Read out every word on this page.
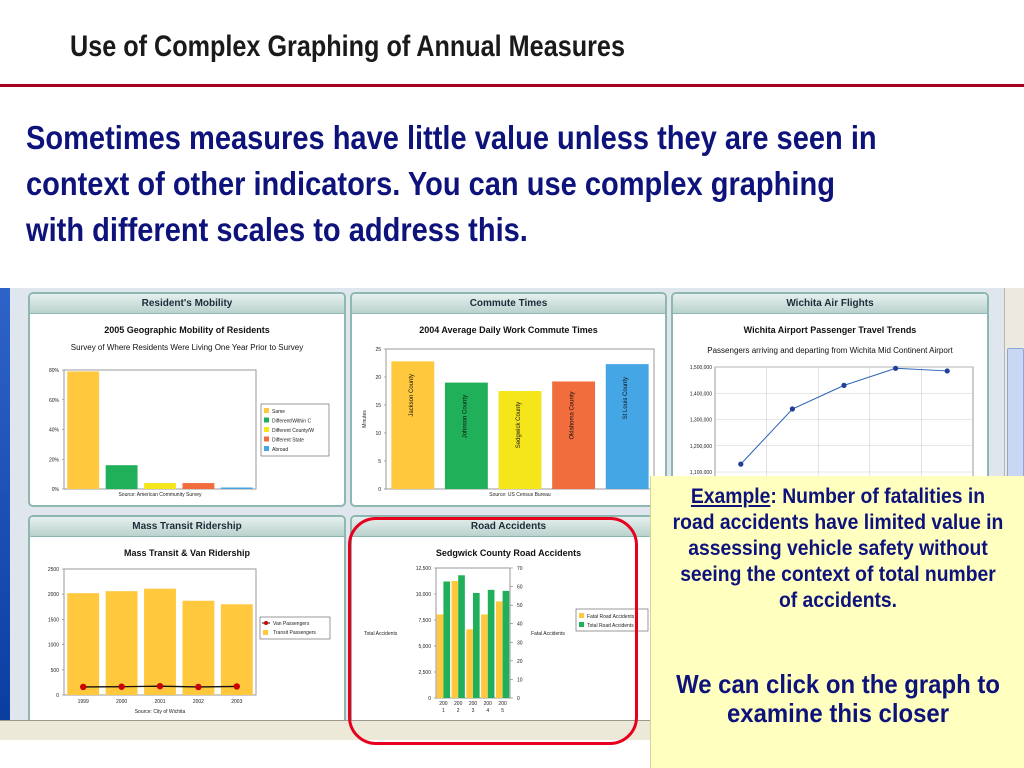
Use of Complex Graphing of Annual Measures
Sometimes measures have little value unless they are seen in
context of other indicators. You can use complex graphing
with different scales to address this.
Resident's Mobility
2005 Geographic Mobility of Residents
Survey of Where Residents Were Living One Year Prior to Survey
0%
20%
40%
60%
80%
Same
Different/Within C
Different County/W
Different State
Abroad
Source: American Community Survey
Commute Times
2004 Average Daily Work Commute Times
0
5
10
15
20
25
Minutes
Jackson County	Johnson County	Sedgwick County	Oklahoma County	St Louis County
Source: US Census Bureau
Wichita Air Flights
Wichita Airport Passenger Travel Trends
Passengers arriving and departing from Wichita Mid Continent Airport
1,100,000
1,200,000
1,300,000
1,400,000
1,500,000
Mass Transit Ridership
Mass Transit & Van Ridership
0
500
1000
1500
2000
2500
1999	2000	2001	2002	2003
Van Passengers
Transit Passengers
Source: City of Wichita
Road Accidents
Sedgwick County Road Accidents
0
2,500
5,000
7,500
10,000
12,500
0
10
20
30
40
50
60
70
Total Accidents	Fatal Accidents
200
1
200
2
200
3
200
4
200
5
Fatal Road Accidents
Total Road Accidents
Example: Number of fatalities in road accidents have limited value in assessing vehicle safety without seeing the context of total number of accidents.
We can click on the graph to examine this closer
